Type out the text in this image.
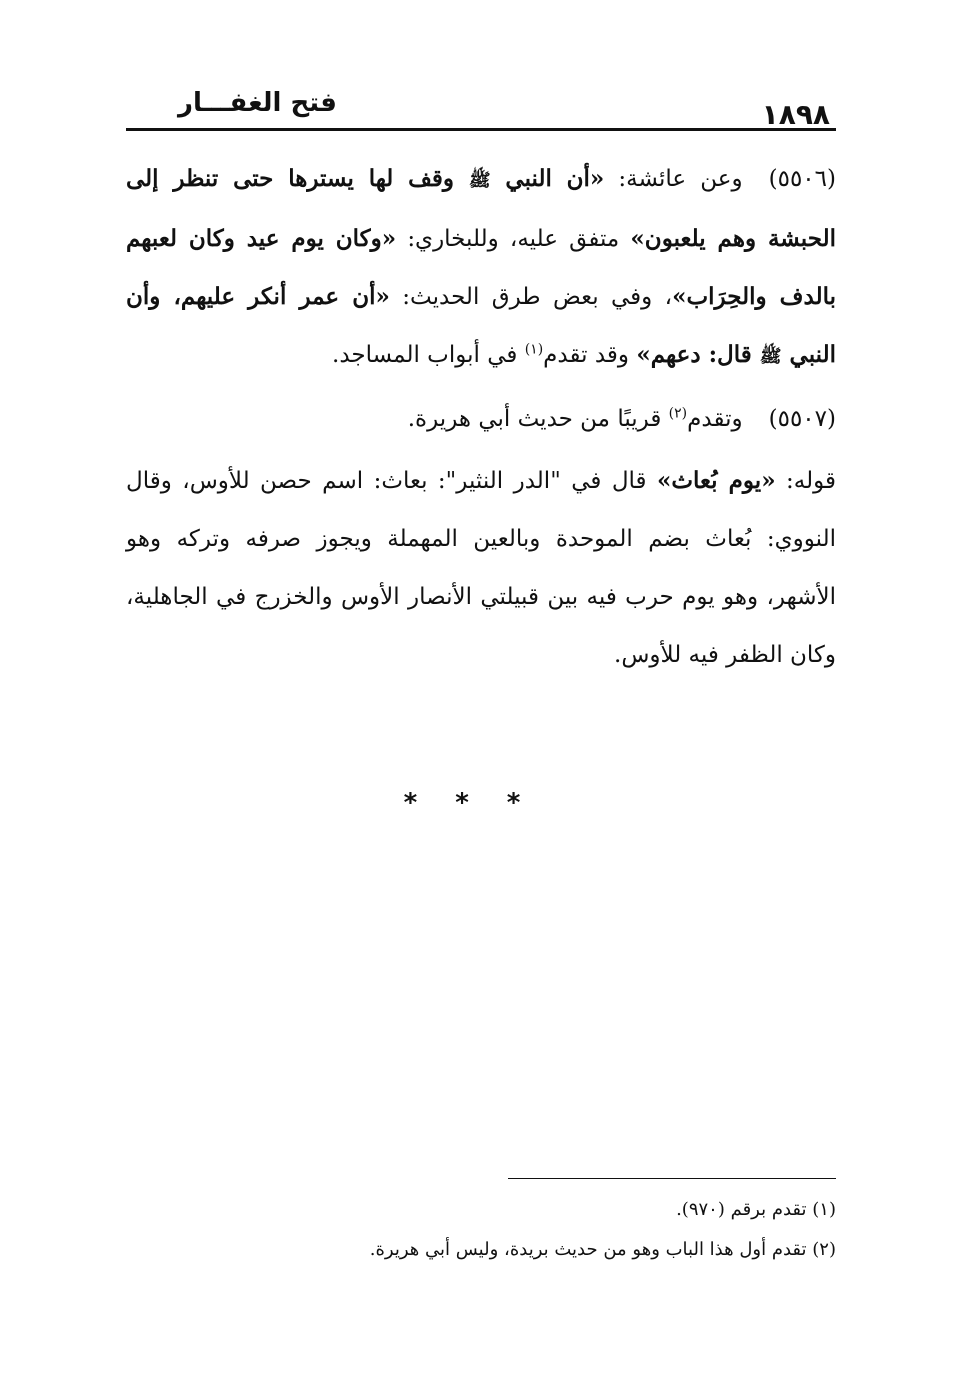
١٨٩٨
فتح الغفـــار

(٥٥٠٦)وعن عائشة: «أن النبي ﷺ وقف لها يسترها حتى تنظر إلى الحبشة وهم يلعبون» متفق عليه، وللبخاري: «وكان يوم عيد وكان لعبهم بالدف والحِرَاب»، وفي بعض طرق الحديث: «أن عمر أنكر عليهم، وأن النبي ﷺ قال: دعهم» وقد تقدم$^{(١)}$ في أبواب المساجد.

(٥٥٠٧)وتقدم$^{(٢)}$ قريبًا من حديث أبي هريرة.

قوله: «يوم بُعاث» قال في "الدر النثير": بعاث: اسم حصن للأوس، وقال النووي: بُعاث بضم الموحدة وبالعين المهملة ويجوز صرفه وتركه وهو الأشهر، وهو يوم حرب فيه بين قبيلتي الأنصار الأوس والخزرج في الجاهلية، وكان الظفر فيه للأوس.

***

(١) تقدم برقم (٩٧٠).

(٢) تقدم أول هذا الباب وهو من حديث بريدة، وليس أبي هريرة.
